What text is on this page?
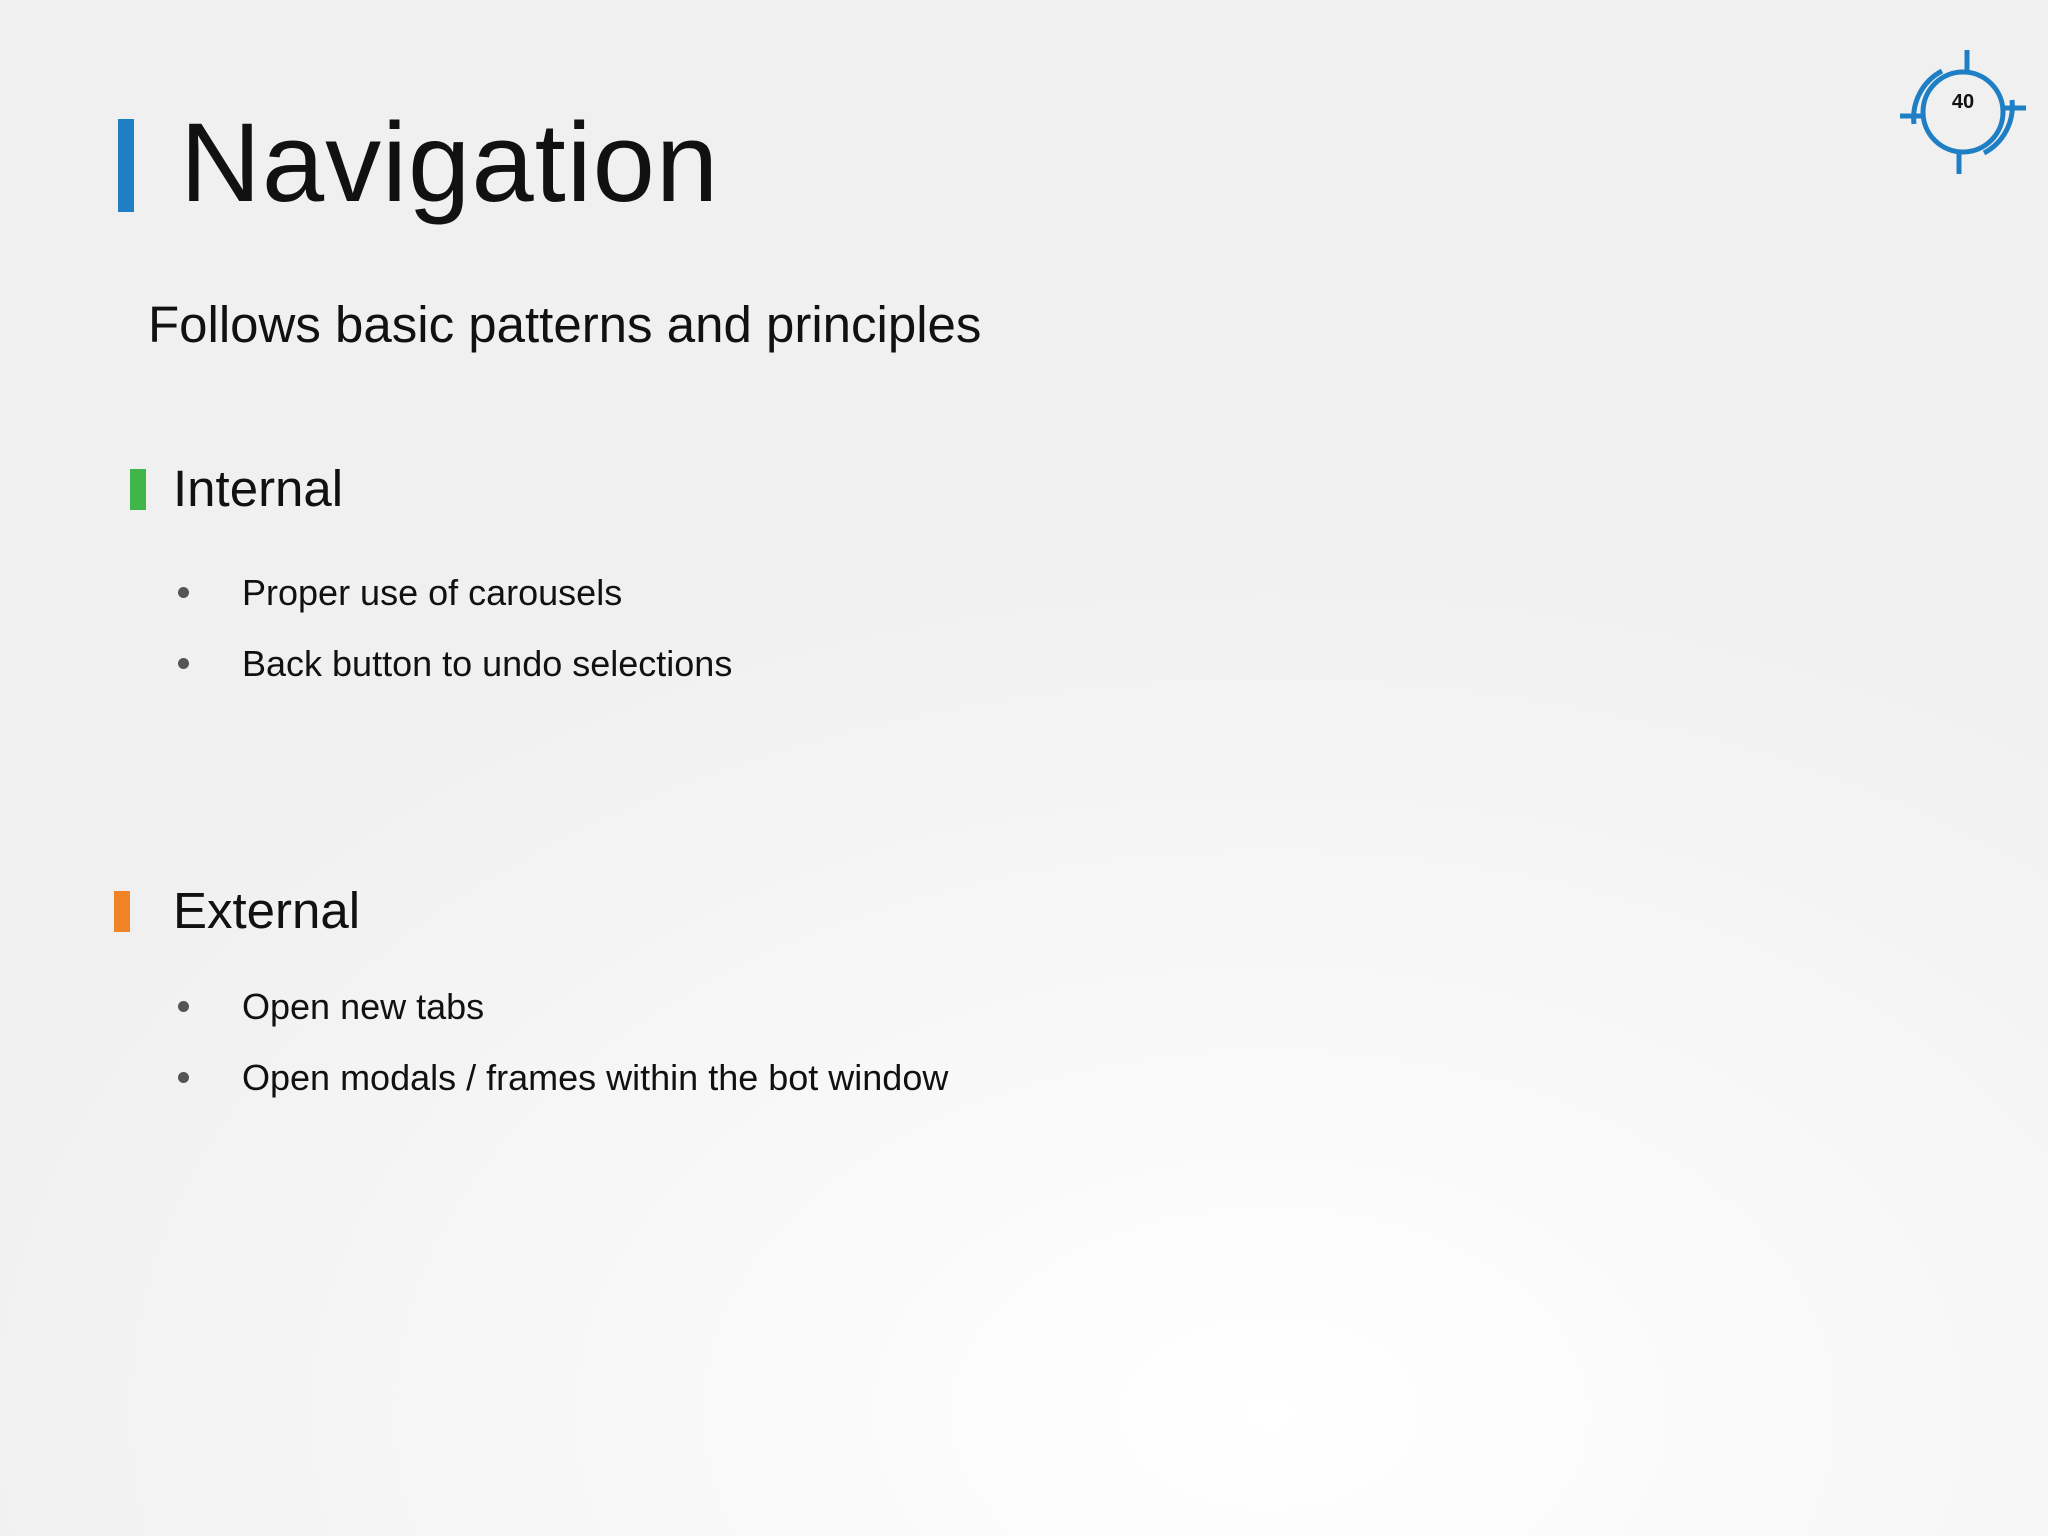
Navigation	40
Follows basic patterns and principles
Internal
Proper use of carousels
Back button to undo selections
External
Open new tabs
Open modals / frames within the bot window
